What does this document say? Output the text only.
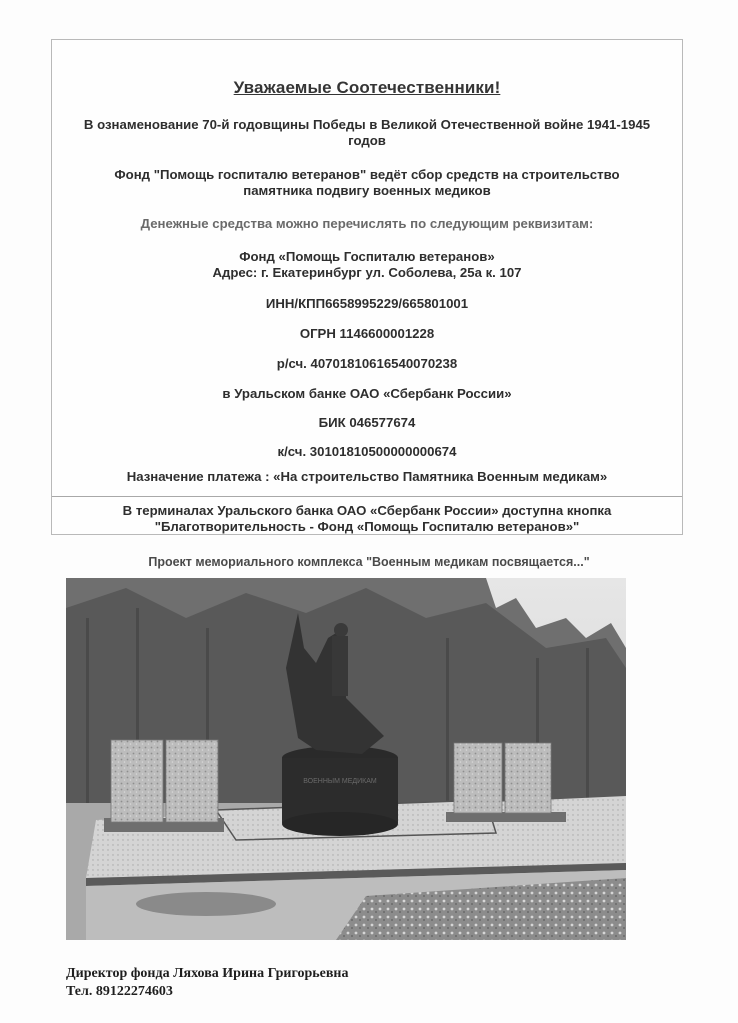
Уважаемые Соотечественники!
В ознаменование 70-й годовщины Победы в Великой Отечественной войне 1941-1945
годов
Фонд "Помощь госпиталю ветеранов" ведёт сбор средств на строительство
памятника подвигу военных медиков
Денежные средства можно перечислять по следующим реквизитам:
Фонд «Помощь Госпиталю ветеранов»
Адрес: г. Екатеринбург ул. Соболева, 25а к. 107
ИНН/КПП6658995229/665801001
ОГРН 1146600001228
р/сч. 40701810616540070238
в Уральском банке ОАО «Сбербанк России»
БИК 046577674
к/сч. 30101810500000000674
Назначение платежа : «На строительство Памятника Военным медикам»
В терминалах Уральского банка ОАО «Сбербанк России» доступна кнопка
"Благотворительность - Фонд «Помощь Госпиталю ветеранов»"
Проект мемориального комплекса "Военным медикам посвящается..."
ВОЕННЫМ МЕДИКАМ
Директор фонда Ляхова Ирина Григорьевна
Тел. 89122274603
